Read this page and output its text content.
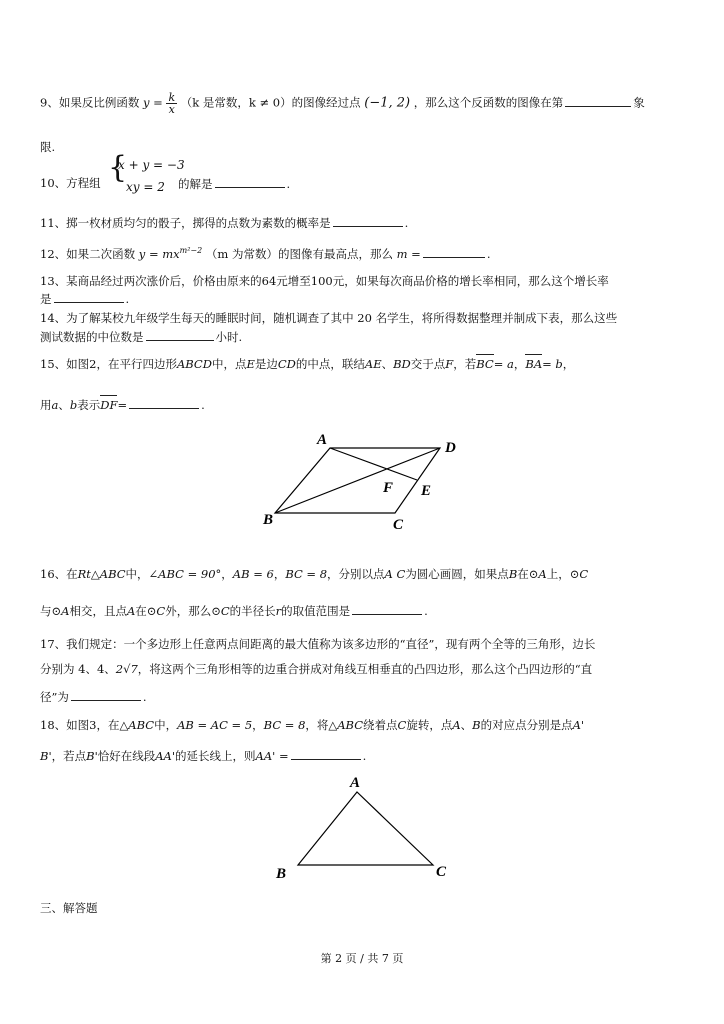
9、如果反比例函数 $y = \frac{k}{x} (k$ 是常数，k ≠ 0）的图像经过点 (−1, 2) ，那么这个反函数的图像在第	象
限.
10、方程组 {
x + y = −3
xy = 2 的解是	.
11、掷一枚材质均匀的骰子，掷得的点数为素数的概率是	.
12、如果二次函数 $y = mx^{m^2-2}$ （m 为常数）的图像有最高点，那么 m =	.
13、某商品经过两次涨价后，价格由原来的64元增至100元，如果每次商品价格的增长率相同，那么这个增长率
是	.
14、为了解某校九年级学生每天的睡眠时间，随机调查了其中 20 名学生，将所得数据整理并制成下表，那么这些
测试数据的中位数是	小时.
15、如图2，在平行四边形ABCD中，点E是边CD的中点，联结AE、BD交于点F，若BC= a，BA= b，
用a、b表示DF=	.
A	D
F E
B	C
16、在Rt△ABC中，∠ABC = 90°，AB = 6，BC = 8，分别以点A C为圆心画圆，如果点B在⊙A上，⊙C
与⊙A相交，且点A在⊙C外，那么⊙C的半径长r的取值范围是	.
17、我们规定：一个多边形上任意两点间距离的最大值称为该多边形的“直径”，现有两个全等的三角形，边长
分别为 4、4、2√7，将这两个三角形相等的边重合拼成对角线互相垂直的凸四边形，那么这个凸四边形的“直
径”为	.
18、如图3，在△ABC中，AB = AC = 5，BC = 8，将△ABC绕着点C旋转，点A、B的对应点分别是点A'
B'，若点B'恰好在线段AA'的延长线上，则AA' =	.
A
B	C
三、解答题
第 2 页 / 共 7 页
